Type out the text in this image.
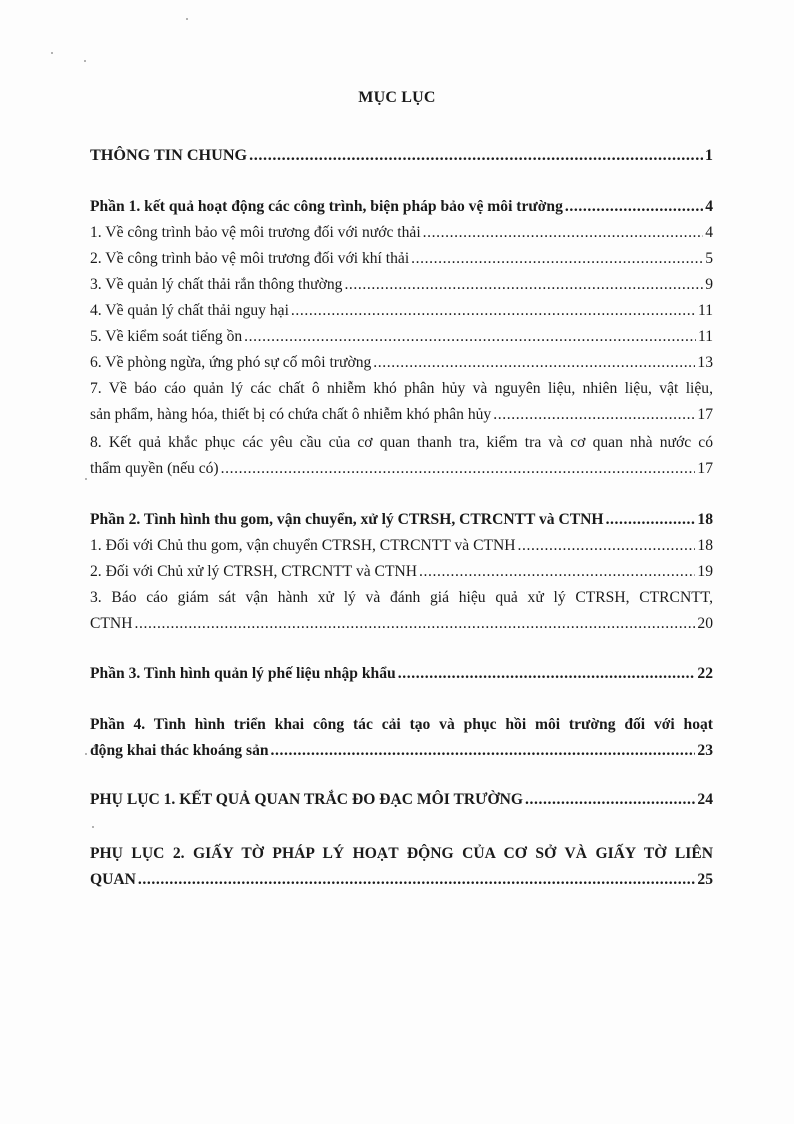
MỤC LỤC
THÔNG TIN CHUNG .....	1
Phần 1. kết quả hoạt động các công trình, biện pháp bảo vệ môi trường .....	4
1. Về công trình bảo vệ môi trương đối với nước thải .....	4
2. Về công trình bảo vệ môi trương đối với khí thải .....	5
3. Về quản lý chất thải rắn thông thường .....	9
4. Về quản lý chất thải nguy hại .....	11
5. Về kiểm soát tiếng ồn .....	11
6. Về phòng ngừa, ứng phó sự cố môi trường .....	13
7. Về báo cáo quản lý các chất ô nhiễm khó phân hủy và nguyên liệu, nhiên liệu, vật liệu,
sản phẩm, hàng hóa, thiết bị có chứa chất ô nhiễm khó phân hủy .....	17
8. Kết quả khắc phục các yêu cầu của cơ quan thanh tra, kiểm tra và cơ quan nhà nước có
thẩm quyền (nếu có) .....	17
Phần 2. Tình hình thu gom, vận chuyển, xử lý CTRSH, CTRCNTT và CTNH .....	18
1. Đối với Chủ thu gom, vận chuyển CTRSH, CTRCNTT và CTNH .....	18
2. Đối với Chủ xử lý CTRSH, CTRCNTT và CTNH .....	19
3. Báo cáo giám sát vận hành xử lý và đánh giá hiệu quả xử lý CTRSH, CTRCNTT,
CTNH .....	20
Phần 3. Tình hình quản lý phế liệu nhập khẩu .....	22
Phần 4. Tình hình triển khai công tác cải tạo và phục hồi môi trường đối với hoạt
động khai thác khoáng sản .....	23
PHỤ LỤC 1. KẾT QUẢ QUAN TRẮC ĐO ĐẠC MÔI TRƯỜNG .....	24
PHỤ LỤC 2. GIẤY TỜ PHÁP LÝ HOẠT ĐỘNG CỦA CƠ SỞ VÀ GIẤY TỜ LIÊN
QUAN .....	25
